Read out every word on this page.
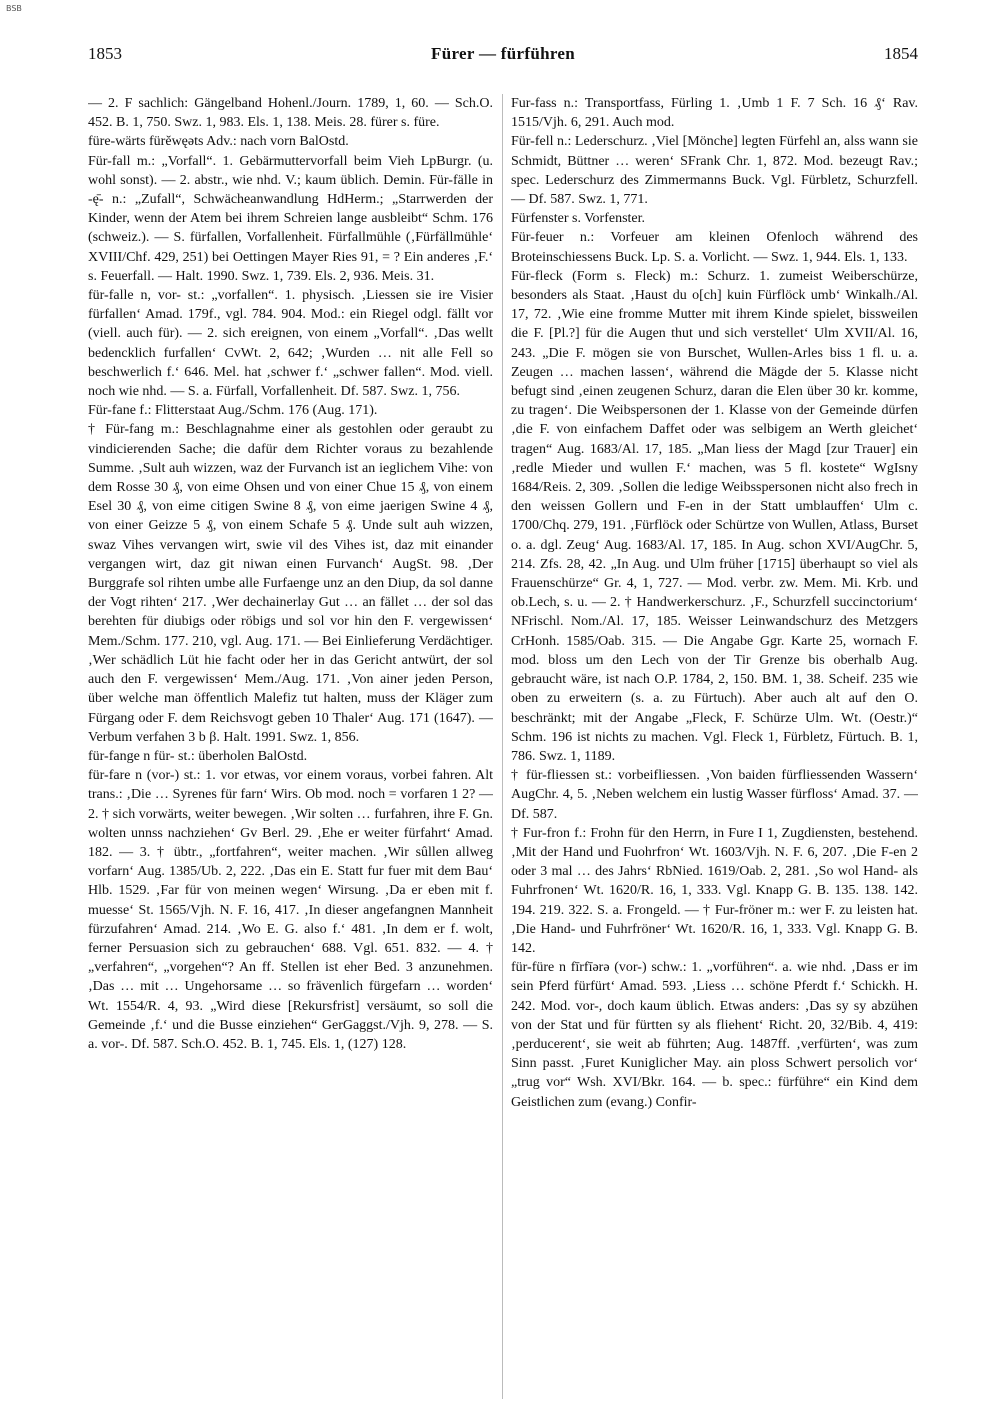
BSB
1853	Fürer — fürführen	1854

— 2. F sachlich: Gängelband Hohenl./Journ. 1789, 1, 60. — Sch.O. 452. B. 1, 750. Swz. 1, 983. Els. 1, 138. Meis. 28. fürer s. füre.

füre-wärts fürĕwęəts Adv.: nach vorn BalOstd.

Für-fall m.: „Vorfall“. 1. Gebärmuttervorfall beim Vieh LpBurgr. (u. wohl sonst). — 2. abstr., wie nhd. V.; kaum üblich. Demin. Für-fälle in -ę̄- n.: „Zufall“, Schwächeanwandlung HdHerm.; „Starrwerden der Kinder, wenn der Atem bei ihrem Schreien lange ausbleibt“ Schm. 176 (schweiz.). — S. fürfallen, Vorfallenheit. Fürfallmühle (‚Fürfällmühle‘ XVIII/Chf. 429, 251) bei Oettingen Mayer Ries 91, = ? Ein anderes ‚F.‘ s. Feuerfall. — Halt. 1990. Swz. 1, 739. Els. 2, 936. Meis. 31.

für-falle n, vor- st.: „vorfallen“. 1. physisch. ‚Liessen sie ire Visier fürfallen‘ Amad. 179f., vgl. 784. 904. Mod.: ein Riegel odgl. fällt vor (viell. auch für). — 2. sich ereignen, von einem „Vorfall“. ‚Das wellt bedencklich furfallen‘ CvWt. 2, 642; ‚Wurden … nit alle Fell so beschwerlich f.‘ 646. Mel. hat ‚schwer f.‘ „schwer fallen“. Mod. viell. noch wie nhd. — S. a. Fürfall, Vorfallenheit. Df. 587. Swz. 1, 756.

Für-fane f.: Flitterstaat Aug./Schm. 176 (Aug. 171).

† Für-fang m.: Beschlagnahme einer als gestohlen oder geraubt zu vindicierenden Sache; die dafür dem Richter voraus zu bezahlende Summe. ‚Sult auh wizzen, waz der Furvanch ist an ieglichem Vihe: von dem Rosse 30 ₰, von eime Ohsen und von einer Chue 15 ₰, von einem Esel 30 ₰, von eime citigen Swine 8 ₰, von eime jaerigen Swine 4 ₰, von einer Geizze 5 ₰, von einem Schafe 5 ₰. Unde sult auh wizzen, swaz Vihes vervangen wirt, swie vil des Vihes ist, daz mit einander vergangen wirt, daz git niwan einen Furvanch‘ AugSt. 98. ‚Der Burggrafe sol rihten umbe alle Furfaenge unz an den Diup, da sol danne der Vogt rihten‘ 217. ‚Wer dechainerlay Gut … an fället … der sol das berehten für diubigs oder röbigs und sol vor hin den F. vergewissen‘ Mem./Schm. 177. 210, vgl. Aug. 171. — Bei Einlieferung Verdächtiger. ‚Wer schädlich Lüt hie facht oder her in das Gericht antwürt, der sol auch den F. vergewissen‘ Mem./Aug. 171. ‚Von ainer jeden Person, über welche man öffentlich Malefiz tut halten, muss der Kläger zum Fürgang oder F. dem Reichsvogt geben 10 Thaler‘ Aug. 171 (1647). — Verbum verfahen 3 b β. Halt. 1991. Swz. 1, 856.

für-fange n für- st.: überholen BalOstd.

für-fare n (vor-) st.: 1. vor etwas, vor einem voraus, vorbei fahren. Alt trans.: ‚Die … Syrenes für farn‘ Wirs. Ob mod. noch = vorfaren 1 2? — 2. † sich vorwärts, weiter bewegen. ‚Wir solten … furfahren, ihre F. Gn. wolten unnss nachziehen‘ Gv Berl. 29. ‚Ehe er weiter fürfahrt‘ Amad. 182. — 3. † übtr., „fortfahren“, weiter machen. ‚Wir sûllen allweg vorfarn‘ Aug. 1385/Ub. 2, 222. ‚Das ein E. Statt fur fuer mit dem Bau‘ Hlb. 1529. ‚Far für von meinen wegen‘ Wirsung. ‚Da er eben mit f. muesse‘ St. 1565/Vjh. N. F. 16, 417. ‚In dieser angefangnen Mannheit fürzufahren‘ Amad. 214. ‚Wo E. G. also f.‘ 481. ‚In dem er f. wolt, ferner Persuasion sich zu gebrauchen‘ 688. Vgl. 651. 832. — 4. † „verfahren“, „vorgehen“? An ff. Stellen ist eher Bed. 3 anzunehmen. ‚Das … mit … Ungehorsame … so frävenlich fürgefarn … worden‘ Wt. 1554/R. 4, 93. „Wird diese [Rekursfrist] versäumt, so soll die Gemeinde ‚f.‘ und die Busse einziehen“ GerGaggst./Vjh. 9, 278. — S. a. vor-. Df. 587. Sch.O. 452. B. 1, 745. Els. 1, (127) 128.

Fur-fass n.: Transportfass, Fürling 1. ‚Umb 1 F. 7 Sch. 16 ₰‘ Rav. 1515/Vjh. 6, 291. Auch mod.

Für-fell n.: Lederschurz. ‚Viel [Mönche] legten Fürfehl an, alss wann sie Schmidt, Büttner … weren‘ SFrank Chr. 1, 872. Mod. bezeugt Rav.; spec. Lederschurz des Zimmermanns Buck. Vgl. Fürbletz, Schurzfell. — Df. 587. Swz. 1, 771.

Fürfenster s. Vorfenster.

Für-feuer n.: Vorfeuer am kleinen Ofenloch während des Broteinschiessens Buck. Lp. S. a. Vorlicht. — Swz. 1, 944. Els. 1, 133.

Für-fleck (Form s. Fleck) m.: Schurz. 1. zumeist Weiberschürze, besonders als Staat. ‚Haust du o[ch] kuin Fürflöck umb‘ Winkalh./Al. 17, 72. ‚Wie eine fromme Mutter mit ihrem Kinde spielet, bissweilen die F. [Pl.?] für die Augen thut und sich verstellet‘ Ulm XVII/Al. 16, 243. „Die F. mögen sie von Burschet, Wullen-Arles biss 1 fl. u. a. Zeugen … machen lassen‘, während die Mägde der 5. Klasse nicht befugt sind ‚einen zeugenen Schurz, daran die Elen über 30 kr. komme, zu tragen‘. Die Weibspersonen der 1. Klasse von der Gemeinde dürfen ‚die F. von einfachem Daffet oder was selbigem an Werth gleichet‘ tragen“ Aug. 1683/Al. 17, 185. „Man liess der Magd [zur Trauer] ein ‚redle Mieder und wullen F.‘ machen, was 5 fl. kostete“ WgIsny 1684/Reis. 2, 309. ‚Sollen die ledige Weibsspersonen nicht also frech in den weissen Gollern und F-en in der Statt umblauffen‘ Ulm c. 1700/Chq. 279, 191. ‚Fürflöck oder Schürtze von Wullen, Atlass, Burset o. a. dgl. Zeug‘ Aug. 1683/Al. 17, 185. In Aug. schon XVI/AugChr. 5, 214. Zfs. 28, 42. „In Aug. und Ulm früher [1715] überhaupt so viel als Frauenschürze“ Gr. 4, 1, 727. — Mod. verbr. zw. Mem. Mi. Krb. und ob.Lech, s. u. — 2. † Handwerkerschurz. ‚F., Schurzfell succinctorium‘ NFrischl. Nom./Al. 17, 185. Weisser Leinwandschurz des Metzgers CrHonh. 1585/Oab. 315. — Die Angabe Ggr. Karte 25, wornach F. mod. bloss um den Lech von der Tir Grenze bis oberhalb Aug. gebraucht wäre, ist nach O.P. 1784, 2, 150. BM. 1, 38. Scheif. 235 wie oben zu erweitern (s. a. zu Fürtuch). Aber auch alt auf den O. beschränkt; mit der Angabe „Fleck, F. Schürze Ulm. Wt. (Oestr.)“ Schm. 196 ist nichts zu machen. Vgl. Fleck 1, Fürbletz, Fürtuch. B. 1, 786. Swz. 1, 1189.

† für-fliessen st.: vorbeifliessen. ‚Von baiden fürfliessenden Wassern‘ AugChr. 4, 5. ‚Neben welchem ein lustig Wasser fürfloss‘ Amad. 37. — Df. 587.

† Fur-fron f.: Frohn für den Herrn, in Fure I 1, Zugdiensten, bestehend. ‚Mit der Hand und Fuohrfron‘ Wt. 1603/Vjh. N. F. 6, 207. ‚Die F-en 2 oder 3 mal … des Jahrs‘ RbNied. 1619/Oab. 2, 281. ‚So wol Hand- als Fuhrfronen‘ Wt. 1620/R. 16, 1, 333. Vgl. Knapp G. B. 135. 138. 142. 194. 219. 322. S. a. Frongeld. — † Fur-fröner m.: wer F. zu leisten hat. ‚Die Hand- und Fuhrfröner‘ Wt. 1620/R. 16, 1, 333. Vgl. Knapp G. B. 142.

für-füre n fīrfīərə (vor-) schw.: 1. „vorführen“. a. wie nhd. ‚Dass er im sein Pferd fürfürt‘ Amad. 593. ‚Liess … schöne Pferdt f.‘ Schickh. H. 242. Mod. vor-, doch kaum üblich. Etwas anders: ‚Das sy sy abzühen von der Stat und für fürtten sy als fliehent‘ Richt. 20, 32/Bib. 4, 419: ‚perducerent‘, sie weit ab führten; Aug. 1487ff. ‚verfürten‘, was zum Sinn passt. ‚Furet Kuniglicher May. ain ploss Schwert persolich vor‘ „trug vor“ Wsh. XVI/Bkr. 164. — b. spec.: fürführe“ ein Kind dem Geistlichen zum (evang.) Confir-
